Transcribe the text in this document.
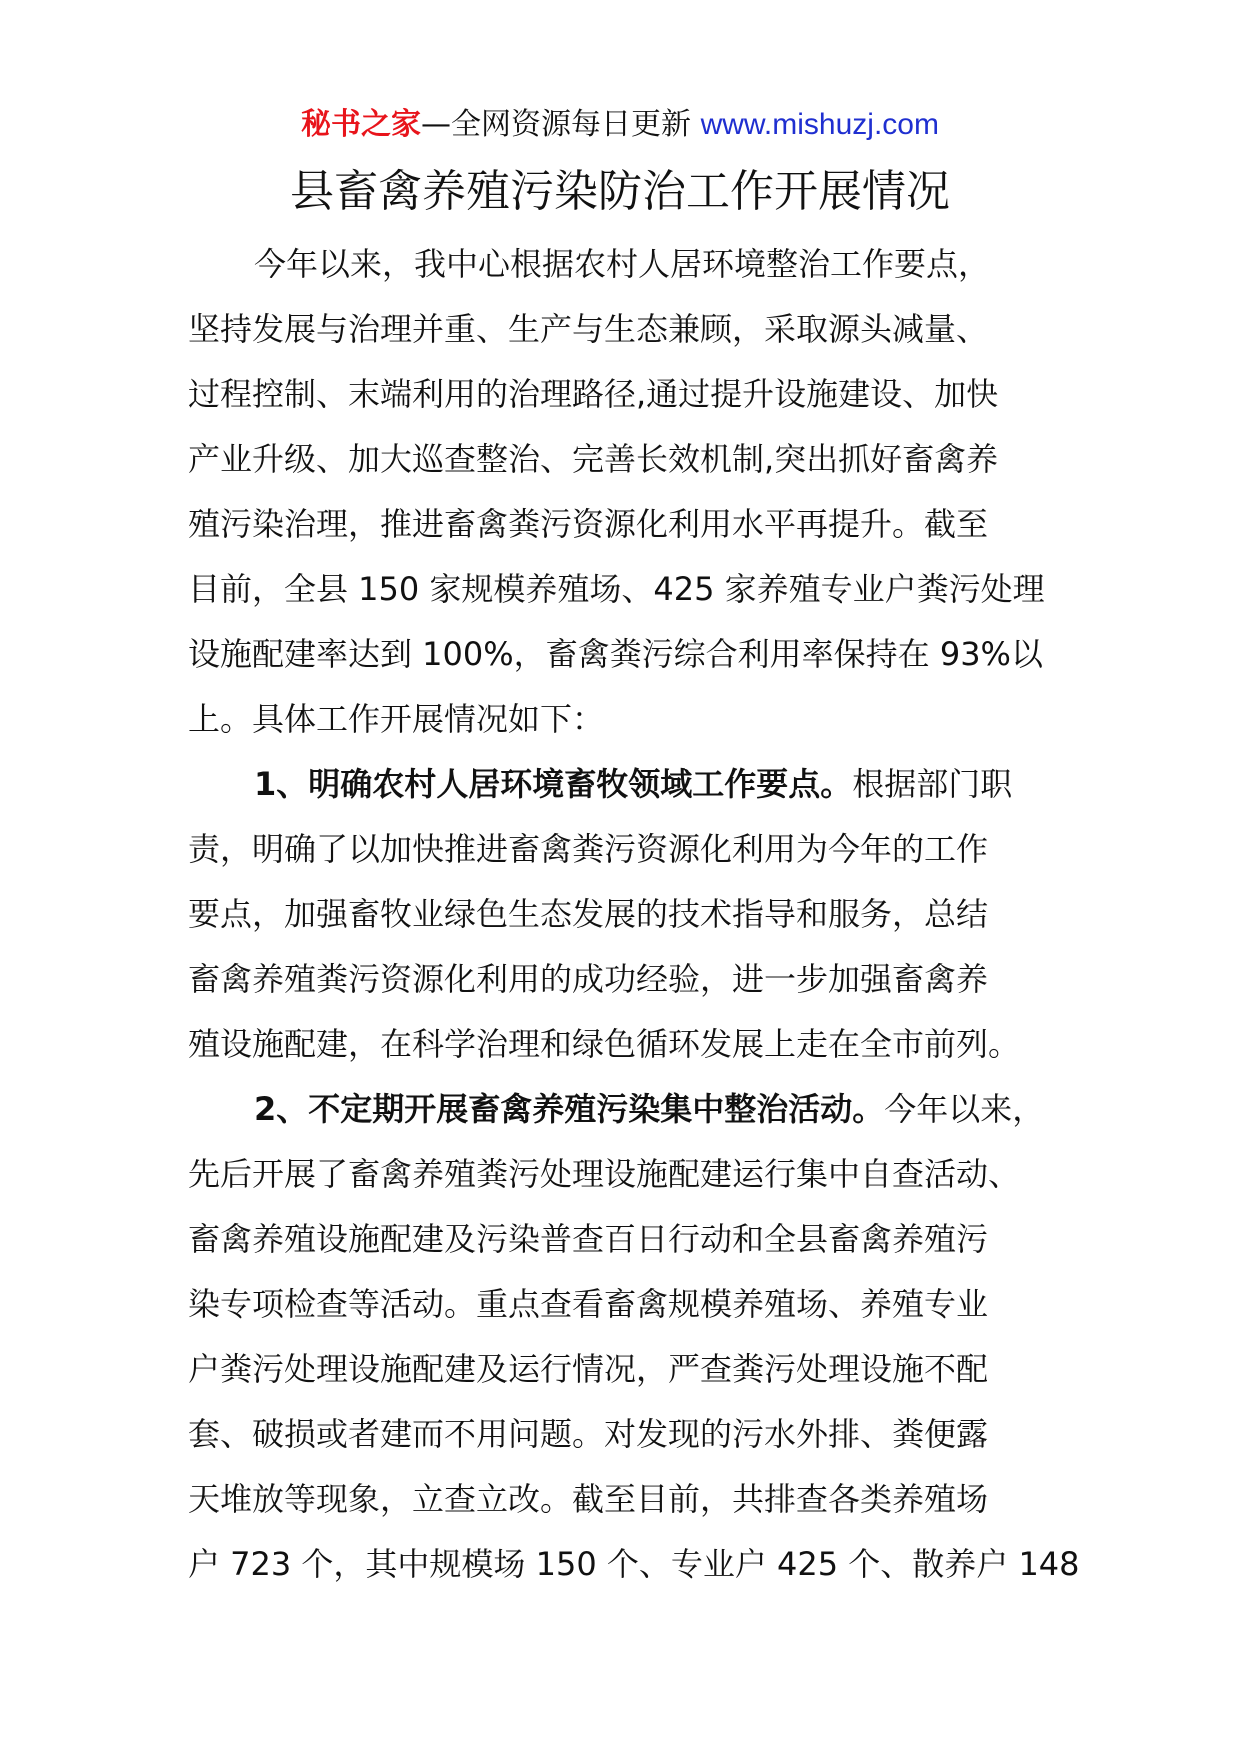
秘书之家—全网资源每日更新 www.mishuzj.com
县畜禽养殖污染防治工作开展情况
今年以来，我中心根据农村人居环境整治工作要点，
坚持发展与治理并重、生产与生态兼顾，采取源头减量、
过程控制、末端利用的治理路径,通过提升设施建设、加快
产业升级、加大巡查整治、完善长效机制,突出抓好畜禽养
殖污染治理，推进畜禽粪污资源化利用水平再提升。截至
目前，全县 150 家规模养殖场、425 家养殖专业户粪污处理
设施配建率达到 100%，畜禽粪污综合利用率保持在 93%以
上。具体工作开展情况如下：
1、明确农村人居环境畜牧领域工作要点。根据部门职
责，明确了以加快推进畜禽粪污资源化利用为今年的工作
要点，加强畜牧业绿色生态发展的技术指导和服务，总结
畜禽养殖粪污资源化利用的成功经验，进一步加强畜禽养
殖设施配建，在科学治理和绿色循环发展上走在全市前列。
2、不定期开展畜禽养殖污染集中整治活动。今年以来，
先后开展了畜禽养殖粪污处理设施配建运行集中自查活动、
畜禽养殖设施配建及污染普查百日行动和全县畜禽养殖污
染专项检查等活动。重点查看畜禽规模养殖场、养殖专业
户粪污处理设施配建及运行情况，严查粪污处理设施不配
套、破损或者建而不用问题。对发现的污水外排、粪便露
天堆放等现象，立查立改。截至目前，共排查各类养殖场
户 723 个，其中规模场 150 个、专业户 425 个、散养户 148
